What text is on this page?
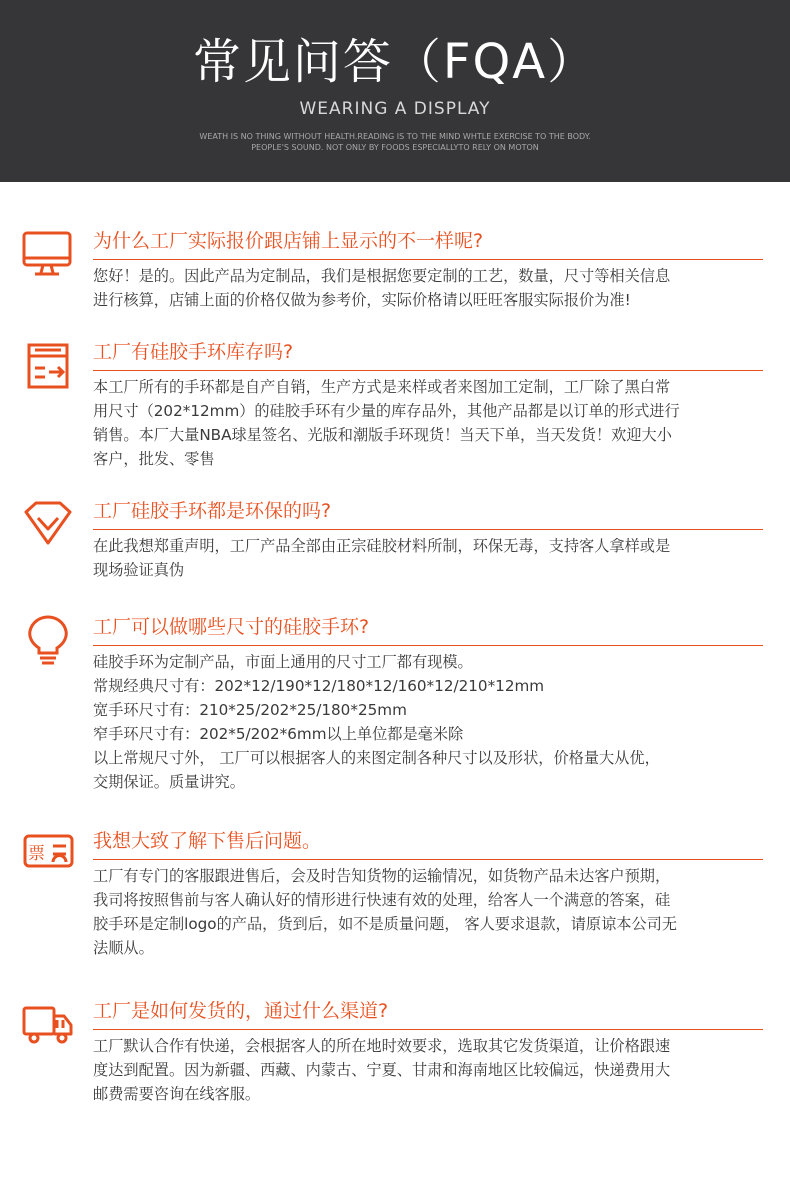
常见问答（FQA）
WEARING A DISPLAY
WEATH IS NO THING WITHOUT HEALTH.READING IS TO THE MIND WHTLE EXERCISE TO THE BODY.
PEOPLE'S SOUND. NOT ONLY BY FOODS ESPECIALLYTO RELY ON MOTON
为什么工厂实际报价跟店铺上显示的不一样呢?
您好！是的。因此产品为定制品，我们是根据您要定制的工艺，数量，尺寸等相关信息
进行核算，店铺上面的价格仅做为参考价，实际价格请以旺旺客服实际报价为准!
工厂有硅胶手环库存吗?
本工厂所有的手环都是自产自销，生产方式是来样或者来图加工定制，工厂除了黑白常
用尺寸（202*12mm）的硅胶手环有少量的库存品外，其他产品都是以订单的形式进行
销售。本厂大量NBA球星签名、光版和潮版手环现货！当天下单，当天发货！欢迎大小
客户，批发、零售
工厂硅胶手环都是环保的吗?
在此我想郑重声明，工厂产品全部由正宗硅胶材料所制，环保无毒，支持客人拿样或是
现场验证真伪
工厂可以做哪些尺寸的硅胶手环?
硅胶手环为定制产品，市面上通用的尺寸工厂都有现模。
常规经典尺寸有：202*12/190*12/180*12/160*12/210*12mm
宽手环尺寸有：210*25/202*25/180*25mm
窄手环尺寸有：202*5/202*6mm以上单位都是毫米除
以上常规尺寸外， 工厂可以根据客人的来图定制各种尺寸以及形状，价格量大从优，
交期保证。质量讲究。
票
我想大致了解下售后问题。
工厂有专门的客服跟进售后，会及时告知货物的运输情况，如货物产品未达客户预期，
我司将按照售前与客人确认好的情形进行快速有效的处理，给客人一个满意的答案，硅
胶手环是定制logo的产品，货到后，如不是质量问题， 客人要求退款，请原谅本公司无
法顺从。
工厂是如何发货的，通过什么渠道?
工厂默认合作有快递，会根据客人的所在地时效要求，选取其它发货渠道，让价格跟速
度达到配置。因为新疆、西藏、内蒙古、宁夏、甘肃和海南地区比较偏远，快递费用大
邮费需要咨询在线客服。
